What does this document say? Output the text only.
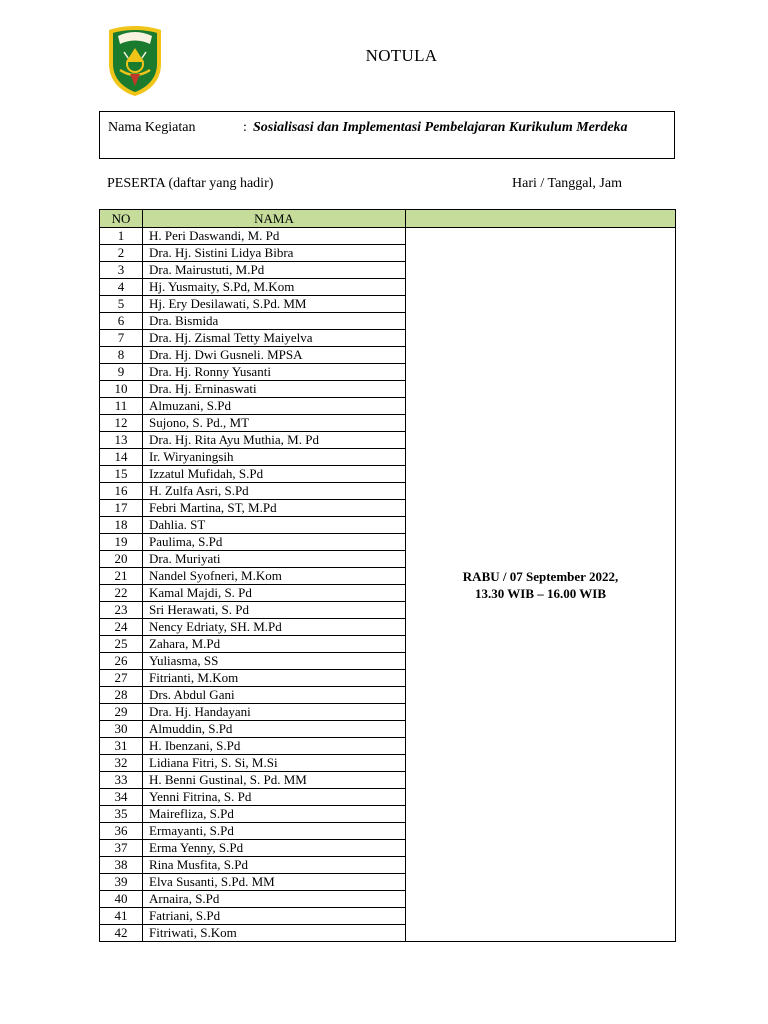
NOTULA
Nama Kegiatan	: Sosialisasi dan Implementasi Pembelajaran Kurikulum Merdeka
PESERTA (daftar yang hadir)	Hari / Tanggal, Jam
NO	NAMA	
1	H. Peri Daswandi, M. Pd	RABU / 07 September 2022,
13.30 WIB – 16.00 WIB

2	Dra. Hj. Sistini Lidya Bibra	
3	Dra. Mairustuti, M.Pd	
4	Hj. Yusmaity, S.Pd, M.Kom	
5	Hj. Ery Desilawati, S.Pd. MM	
6	Dra. Bismida	
7	Dra. Hj. Zismal Tetty Maiyelva	
8	Dra. Hj. Dwi Gusneli. MPSA	
9	Dra. Hj. Ronny Yusanti	
10	Dra. Hj. Erninaswati	
11	Almuzani, S.Pd	
12	Sujono, S. Pd., MT	
13	Dra. Hj. Rita Ayu Muthia, M. Pd	
14	Ir. Wiryaningsih	
15	Izzatul Mufidah, S.Pd	
16	H. Zulfa Asri, S.Pd	
17	Febri Martina, ST, M.Pd	
18	Dahlia. ST	
19	Paulima, S.Pd	
20	Dra. Muriyati	
21	Nandel Syofneri, M.Kom	
22	Kamal Majdi, S. Pd	
23	Sri Herawati, S. Pd	
24	Nency Edriaty, SH. M.Pd	
25	Zahara, M.Pd	
26	Yuliasma, SS	
27	Fitrianti, M.Kom	
28	Drs. Abdul Gani	
29	Dra. Hj. Handayani	
30	Almuddin, S.Pd	
31	H. Ibenzani, S.Pd	
32	Lidiana Fitri, S. Si, M.Si	
33	H. Benni Gustinal, S. Pd. MM	
34	Yenni Fitrina, S. Pd	
35	Mairefliza, S.Pd	
36	Ermayanti, S.Pd	
37	Erma Yenny, S.Pd	
38	Rina Musfita, S.Pd	
39	Elva Susanti, S.Pd. MM	
40	Arnaira, S.Pd	
41	Fatriani, S.Pd	
42	Fitriwati, S.Kom	
